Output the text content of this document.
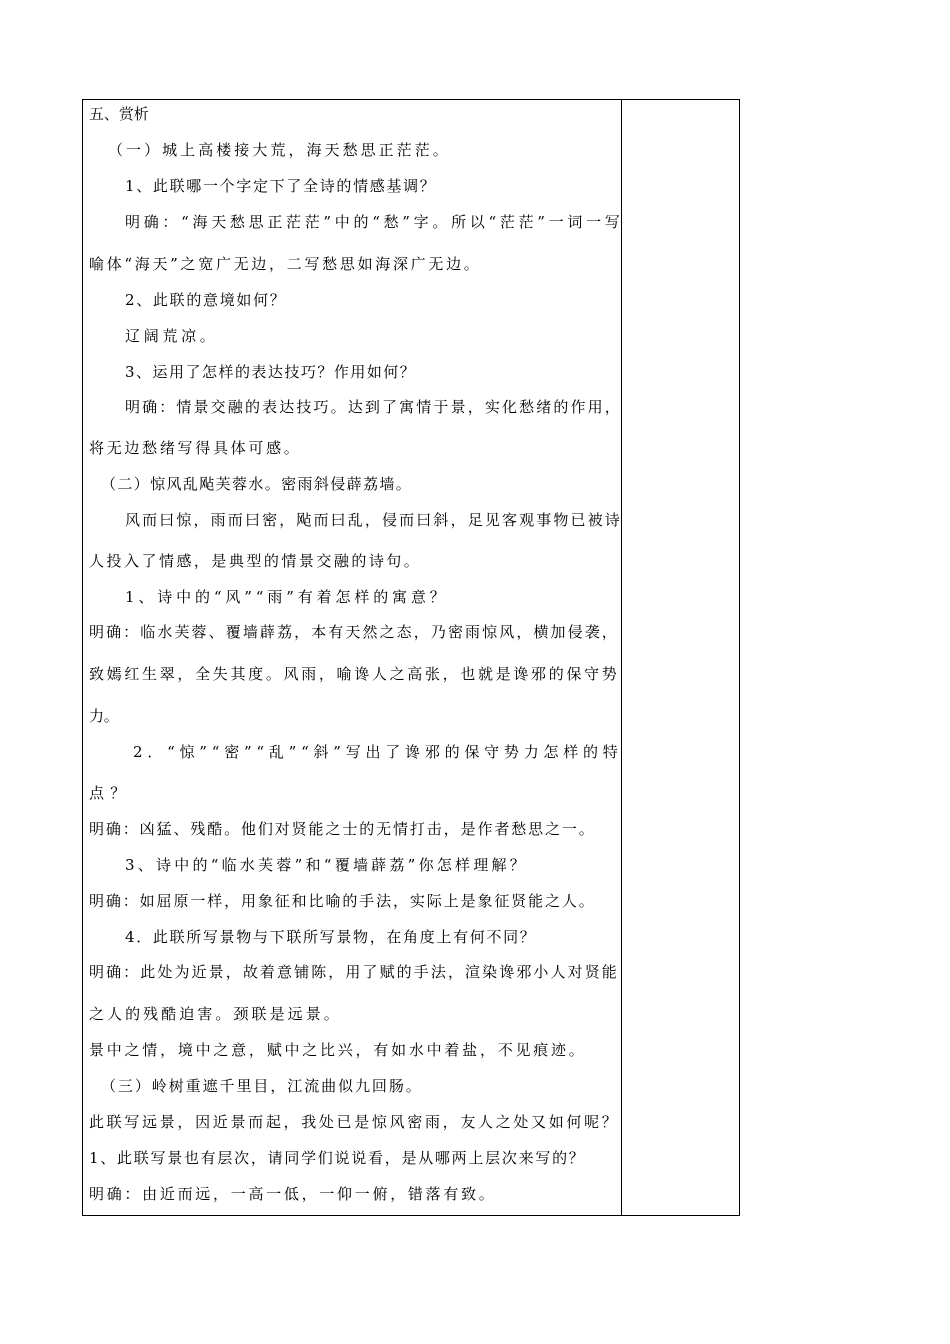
五、赏析
（一）城上高楼接大荒，海天愁思正茫茫。
1、此联哪一个字定下了全诗的情感基调？
明确：“海天愁思正茫茫”中的“愁”字。所以“茫茫”一词一写
喻体“海天”之宽广无边，二写愁思如海深广无边。
2、此联的意境如何？
辽阔荒凉。
3、运用了怎样的表达技巧？作用如何？
明确：情景交融的表达技巧。达到了寓情于景，实化愁绪的作用，
将无边愁绪写得具体可感。
（二）惊风乱飐芙蓉水。密雨斜侵薜荔墙。
风而曰惊，雨而曰密，飐而曰乱，侵而曰斜，足见客观事物已被诗
人投入了情感，是典型的情景交融的诗句。
1、诗中的“风”“雨”有着怎样的寓意？
明确：临水芙蓉、覆墙薜荔，本有天然之态，乃密雨惊风，横加侵袭，
致嫣红生翠，全失其度。风雨，喻谗人之高张，也就是谗邪的保守势
力。
2．“惊”“密”“乱”“斜”写出了谗邪的保守势力怎样的特
点？
明确：凶猛、残酷。他们对贤能之士的无情打击，是作者愁思之一。
3、诗中的“临水芙蓉”和“覆墙薜荔”你怎样理解？
明确：如屈原一样，用象征和比喻的手法，实际上是象征贤能之人。
4．此联所写景物与下联所写景物，在角度上有何不同？
明确：此处为近景，故着意铺陈，用了赋的手法，渲染谗邪小人对贤能
之人的残酷迫害。颈联是远景。
景中之情，境中之意，赋中之比兴，有如水中着盐，不见痕迹。
（三）岭树重遮千里目，江流曲似九回肠。
此联写远景，因近景而起，我处已是惊风密雨，友人之处又如何呢？
1、此联写景也有层次，请同学们说说看，是从哪两上层次来写的？
明确：由近而远，一高一低，一仰一俯，错落有致。
